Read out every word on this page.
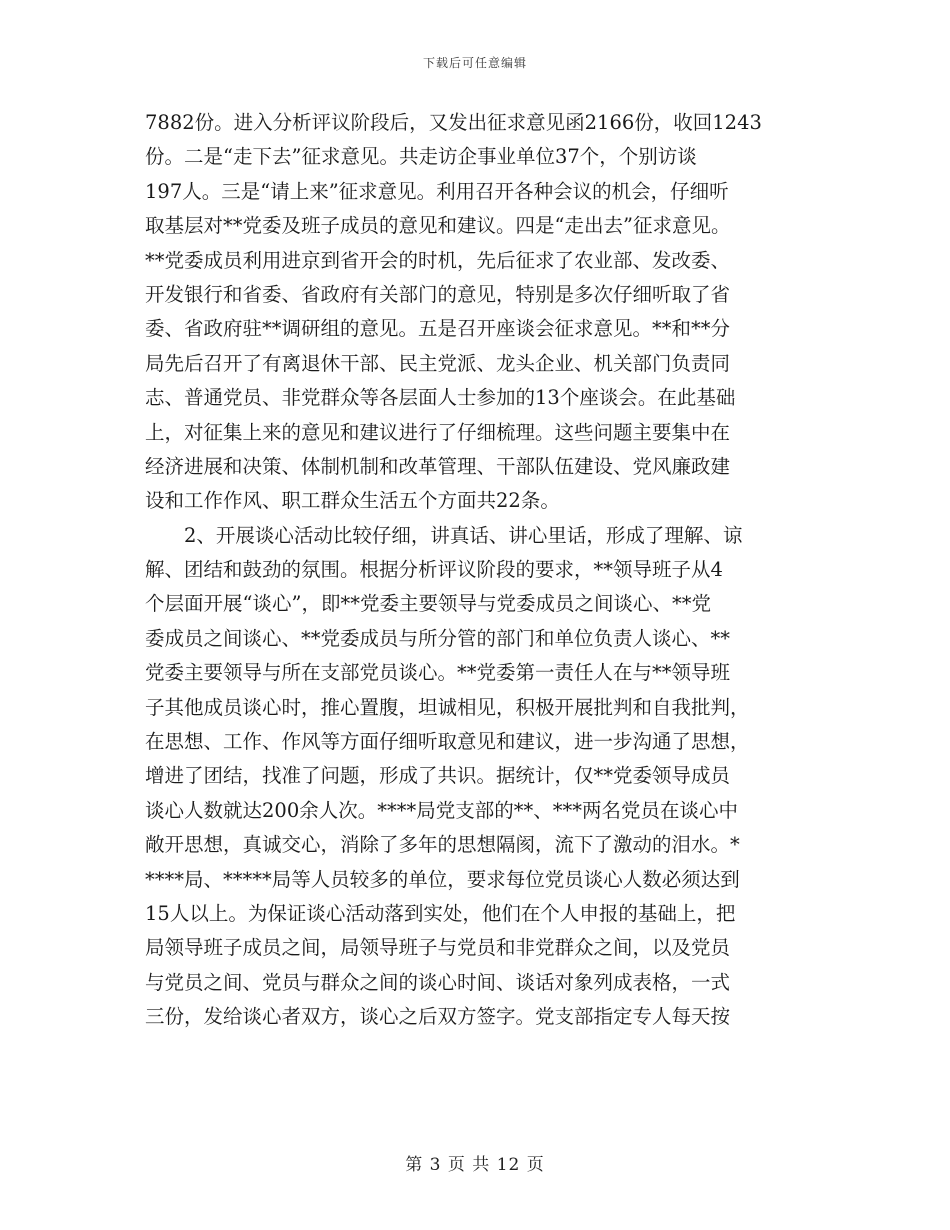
下载后可任意编辑
7882份。进入分析评议阶段后，又发出征求意见函2166份，收回1243
份。二是“走下去”征求意见。共走访企事业单位37个，个别访谈
197人。三是“请上来”征求意见。利用召开各种会议的机会，仔细听
取基层对**党委及班子成员的意见和建议。四是“走出去”征求意见。
**党委成员利用进京到省开会的时机，先后征求了农业部、发改委、
开发银行和省委、省政府有关部门的意见，特别是多次仔细听取了省
委、省政府驻**调研组的意见。五是召开座谈会征求意见。**和**分
局先后召开了有离退休干部、民主党派、龙头企业、机关部门负责同
志、普通党员、非党群众等各层面人士参加的13个座谈会。在此基础
上，对征集上来的意见和建议进行了仔细梳理。这些问题主要集中在
经济进展和决策、体制机制和改革管理、干部队伍建设、党风廉政建
设和工作作风、职工群众生活五个方面共22条。
　　2、开展谈心活动比较仔细，讲真话、讲心里话，形成了理解、谅
解、团结和鼓劲的氛围。根据分析评议阶段的要求，**领导班子从4
个层面开展“谈心”，即**党委主要领导与党委成员之间谈心、**党
委成员之间谈心、**党委成员与所分管的部门和单位负责人谈心、**
党委主要领导与所在支部党员谈心。**党委第一责任人在与**领导班
子其他成员谈心时，推心置腹，坦诚相见，积极开展批判和自我批判，
在思想、工作、作风等方面仔细听取意见和建议，进一步沟通了思想，
增进了团结，找准了问题，形成了共识。据统计，仅**党委领导成员
谈心人数就达200余人次。****局党支部的**、***两名党员在谈心中
敞开思想，真诚交心，消除了多年的思想隔阂，流下了激动的泪水。*
****局、*****局等人员较多的单位，要求每位党员谈心人数必须达到
15人以上。为保证谈心活动落到实处，他们在个人申报的基础上，把
局领导班子成员之间，局领导班子与党员和非党群众之间，以及党员
与党员之间、党员与群众之间的谈心时间、谈话对象列成表格，一式
三份，发给谈心者双方，谈心之后双方签字。党支部指定专人每天按
第 3 页 共 12 页
